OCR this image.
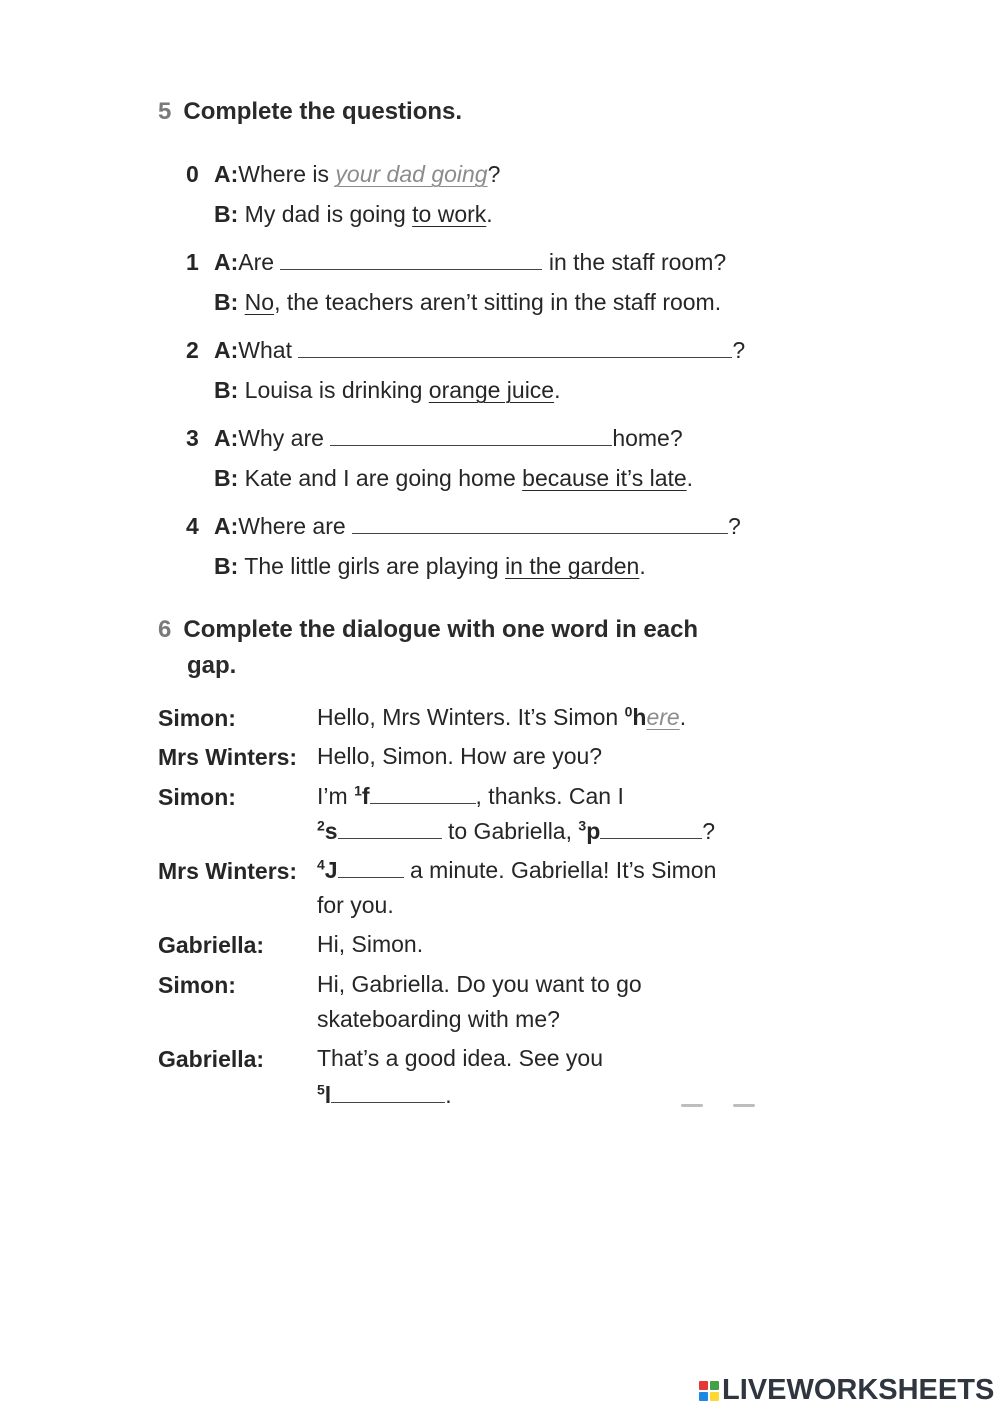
5 Complete the questions.
0 A:Where is your dad going?
B: My dad is going to work.
1 A:Are	in the staff room?
B: No, the teachers aren’t sitting in the staff room.
2 A:What	?
B: Louisa is drinking orange juice.
3 A:Why are	home?
B: Kate and I are going home because it’s late.
4 A:Where are	?
B: The little girls are playing in the garden.
6 Complete the dialogue with one word in each
gap.
Simon:	Hello, Mrs Winters. It’s Simon $^0$here.
Mrs Winters: Hello, Simon. How are you?
Simon:	I’m $^1$f	, thanks. Can I
$^2$s	to Gabriella, $^3$p	?
Mrs Winters: $^4$J	a minute. Gabriella! It’s Simon
for you.
Gabriella: Hi, Simon.
Simon:	Hi, Gabriella. Do you want to go
skateboarding with me?
Gabriella: That’s a good idea. See you
$^5$l	.
LIVEWORKSHEETS
